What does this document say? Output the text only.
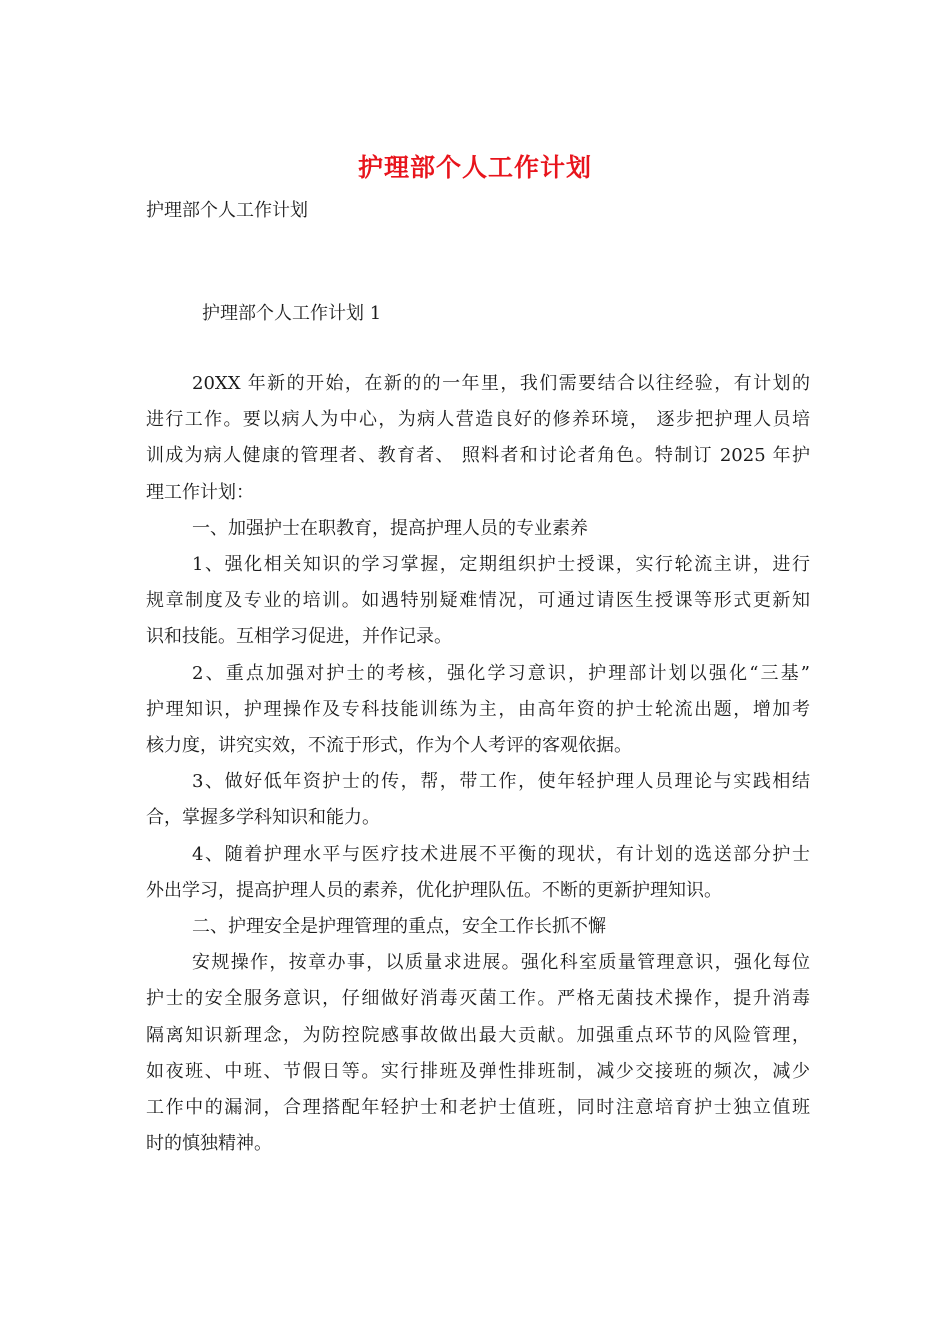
护理部个人工作计划
护理部个人工作计划
护理部个人工作计划 1
20XX 年新的开始，在新的的一年里，我们需要结合以往经验，有计划的
进行工作。要以病人为中心，为病人营造良好的修养环境， 逐步把护理人员培
训成为病人健康的管理者、教育者、 照料者和讨论者角色。特制订 2025 年护
理工作计划：
一、加强护士在职教育，提高护理人员的专业素养
1、强化相关知识的学习掌握，定期组织护士授课，实行轮流主讲，进行
规章制度及专业的培训。如遇特别疑难情况，可通过请医生授课等形式更新知
识和技能。互相学习促进，并作记录。
2、重点加强对护士的考核，强化学习意识，护理部计划以强化“三基”
护理知识，护理操作及专科技能训练为主，由高年资的护士轮流出题，增加考
核力度，讲究实效，不流于形式，作为个人考评的客观依据。
3、做好低年资护士的传，帮，带工作，使年轻护理人员理论与实践相结
合，掌握多学科知识和能力。
4、随着护理水平与医疗技术进展不平衡的现状，有计划的选送部分护士
外出学习，提高护理人员的素养，优化护理队伍。不断的更新护理知识。
二、护理安全是护理管理的重点，安全工作长抓不懈
安规操作，按章办事，以质量求进展。强化科室质量管理意识，强化每位
护士的安全服务意识，仔细做好消毒灭菌工作。严格无菌技术操作，提升消毒
隔离知识新理念，为防控院感事故做出最大贡献。加强重点环节的风险管理，
如夜班、中班、节假日等。实行排班及弹性排班制，减少交接班的频次，减少
工作中的漏洞，合理搭配年轻护士和老护士值班，同时注意培育护士独立值班
时的慎独精神。
